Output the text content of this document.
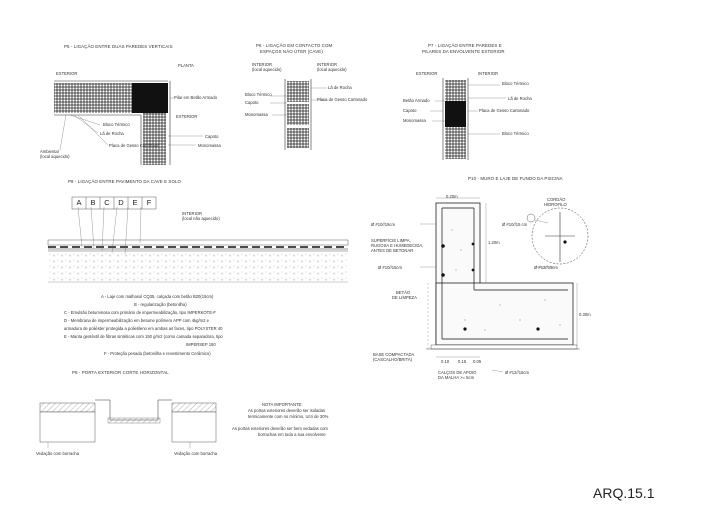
P5 - LIGAÇÃO ENTRE DUAS PAREDES VERTICAIS
PLANTA
EXTERIOR
Pilar em Betão Armado
EXTERIOR
Bloco Térmico
Lã de Rocha
Capoto
Placa de Gesso Cartonado	Monomassa
Ambiental
(local aquecido)
P6 - LIGAÇÃO EM CONTACTO COM
ESPAÇOS NÃO ÚTER (CAVE)
INTERIOR
(local aquecido)
INTERIOR
(local aquecido)
Lã de Rocha
Bloco Térmico
Capoto
Placa de Gesso Cartonado
Monomassa
P7 - LIGAÇÃO ENTRE PAREDES E
PILARES DA ENVOLVENTE EXTERIOR
EXTERIOR	INTERIOR
Bloco Térmico
Lã de Rocha
Betão Armado
Capoto	Placa de Gesso Cartonado
Monomassa
Bloco Térmico
P8 - LIGAÇÃO ENTRE PAVIMENTO DA CAVE E SOLO
A	B	C	D	E	F
INTERIOR
(local não aquecido)
A - Laje com malhasol CQ35, calçada com betão B20(15cm)
B - regularização (betonilha)
C - Emulsão betuminosa com primário de impermeabilização, tipo IMPERKOTE-F
D - Membrana de impermeabilização em betume polímero APP com 4kg/m2 e
armadura de poliéster protegida a polietileno em ambas as faces, tipo POLYSTER 40
E - Manta geotêxtil de fibras sintéticas com 150 g/m2 (como camada separadora, tipo
IMPERSEP 150
F - Proteção pesada (betonilha e revestimento Cerâmico)
P9 - PORTA EXTERIOR CORTE HORIZONTAL
Vedação com borracha	Vedação com borracha
NOTA IMPORTANTE:
As portas exteriores deverão ser isoladas
termicamente com no mínimo, Ucri de 30%
As portas exteriores deverão ser bem vedadas com
borrachas em toda a sua envolvente
P10 - MURO E LAJE DE FUNDO DA PISCINA
CORDÃO
HIDROFILO
0.20m
Ø #10//15cm	Ø #10//15 cm
SUPERFÍCIE LIMPA,
RUGOSA E HUMEDECIDA,
ANTES DE BETONAR
1.20m
Ø #10//15cm	Ø #12//15cm
0.30m
BETÃO
DE LIMPEZA
BASE COMPACTADA
(CASCALHO/BRITA)	0.10 0.15 0.05
Ø #12//15cm
CALÇOS DE APOIO
DA MALHA >= 5cm
ARQ.15.1
